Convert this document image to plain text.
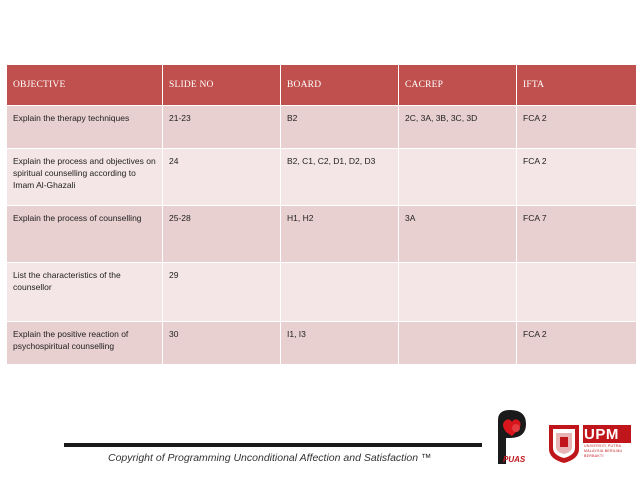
OBJECTIVE	SLIDE NO	BOARD	CACREP	IFTA
Explain the therapy techniques	21-23	B2	2C, 3A, 3B, 3C, 3D	FCA 2
Explain the process and objectives on spiritual counselling according to Imam Al-Ghazali	24	B2, C1, C2, D1, D2, D3		FCA 2
Explain the process of counselling	25-28	H1, H2	3A	FCA 7
List the characteristics of the counsellor	29			
Explain the positive reaction of psychospiritual counselling	30	I1, I3		FCA 2
Copyright of Programming Unconditional Affection and Satisfaction ™	PUAS
UPM
UNIVERSITI PUTRA MALAYSIA BERILMU BERBAKTI
